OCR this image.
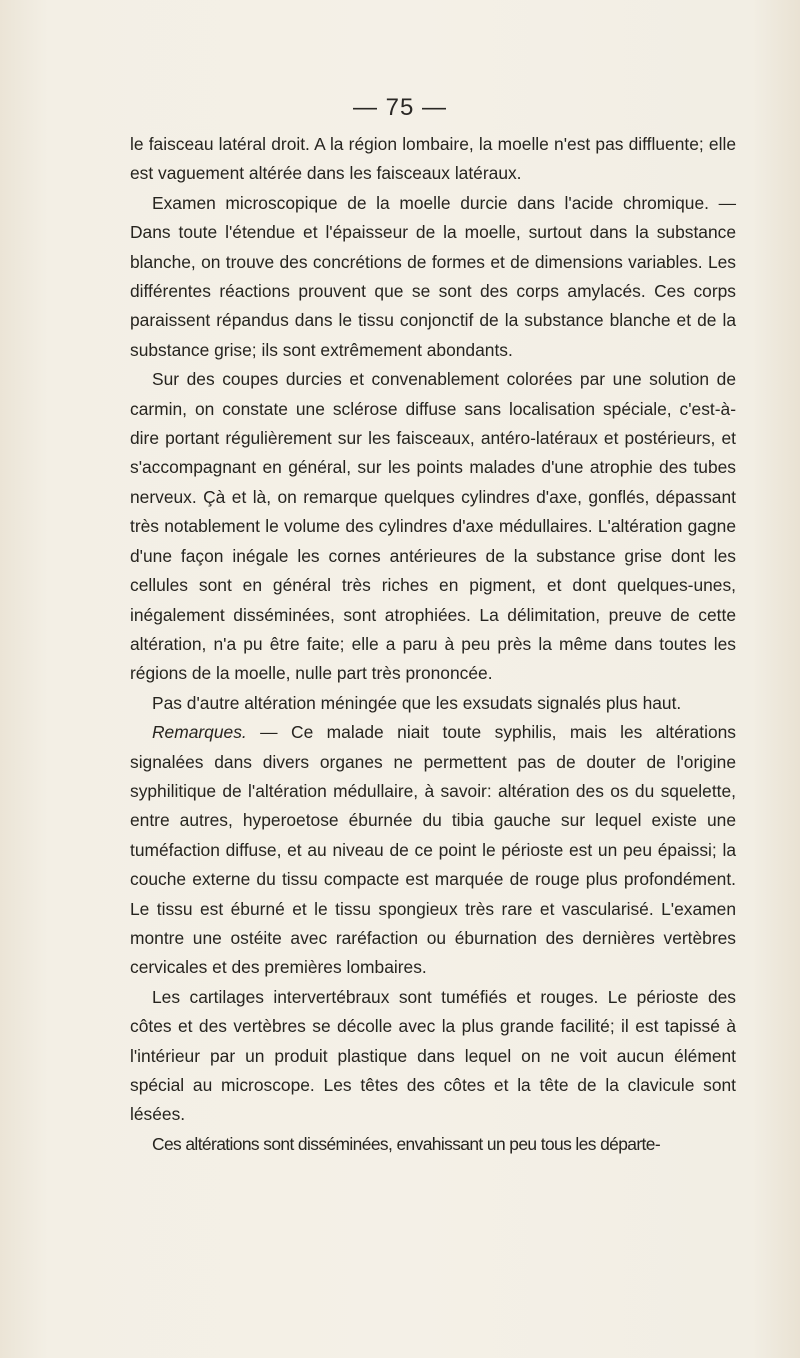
— 75 —

le faisceau latéral droit. A la région lombaire, la moelle n'est pas diffluente; elle est vaguement altérée dans les faisceaux latéraux.

Examen microscopique de la moelle durcie dans l'acide chromique. — Dans toute l'étendue et l'épaisseur de la moelle, surtout dans la substance blanche, on trouve des concrétions de formes et de dimensions variables. Les différentes réactions prouvent que se sont des corps amylacés. Ces corps paraissent répandus dans le tissu conjonctif de la substance blanche et de la substance grise; ils sont extrêmement abondants.

Sur des coupes durcies et convenablement colorées par une solution de carmin, on constate une sclérose diffuse sans localisation spéciale, c'est-à-dire portant régulièrement sur les faisceaux, antéro-latéraux et postérieurs, et s'accompagnant en général, sur les points malades d'une atrophie des tubes nerveux. Çà et là, on remarque quelques cylindres d'axe, gonflés, dépassant très notablement le volume des cylindres d'axe médullaires. L'altération gagne d'une façon inégale les cornes antérieures de la substance grise dont les cellules sont en général très riches en pigment, et dont quelques-unes, inégalement disséminées, sont atrophiées. La délimitation, preuve de cette altération, n'a pu être faite; elle a paru à peu près la même dans toutes les régions de la moelle, nulle part très prononcée.

Pas d'autre altération méningée que les exsudats signalés plus haut.

Remarques. — Ce malade niait toute syphilis, mais les altérations signalées dans divers organes ne permettent pas de douter de l'origine syphilitique de l'altération médullaire, à savoir: altération des os du squelette, entre autres, hyperoetose éburnée du tibia gauche sur lequel existe une tuméfaction diffuse, et au niveau de ce point le périoste est un peu épaissi; la couche externe du tissu compacte est marquée de rouge plus profondément. Le tissu est éburné et le tissu spongieux très rare et vascularisé. L'examen montre une ostéite avec raréfaction ou éburnation des dernières vertèbres cervicales et des premières lombaires.

Les cartilages intervertébraux sont tuméfiés et rouges. Le périoste des côtes et des vertèbres se décolle avec la plus grande facilité; il est tapissé à l'intérieur par un produit plastique dans lequel on ne voit aucun élément spécial au microscope. Les têtes des côtes et la tête de la clavicule sont lésées.

Ces altérations sont disséminées, envahissant un peu tous les départe-
